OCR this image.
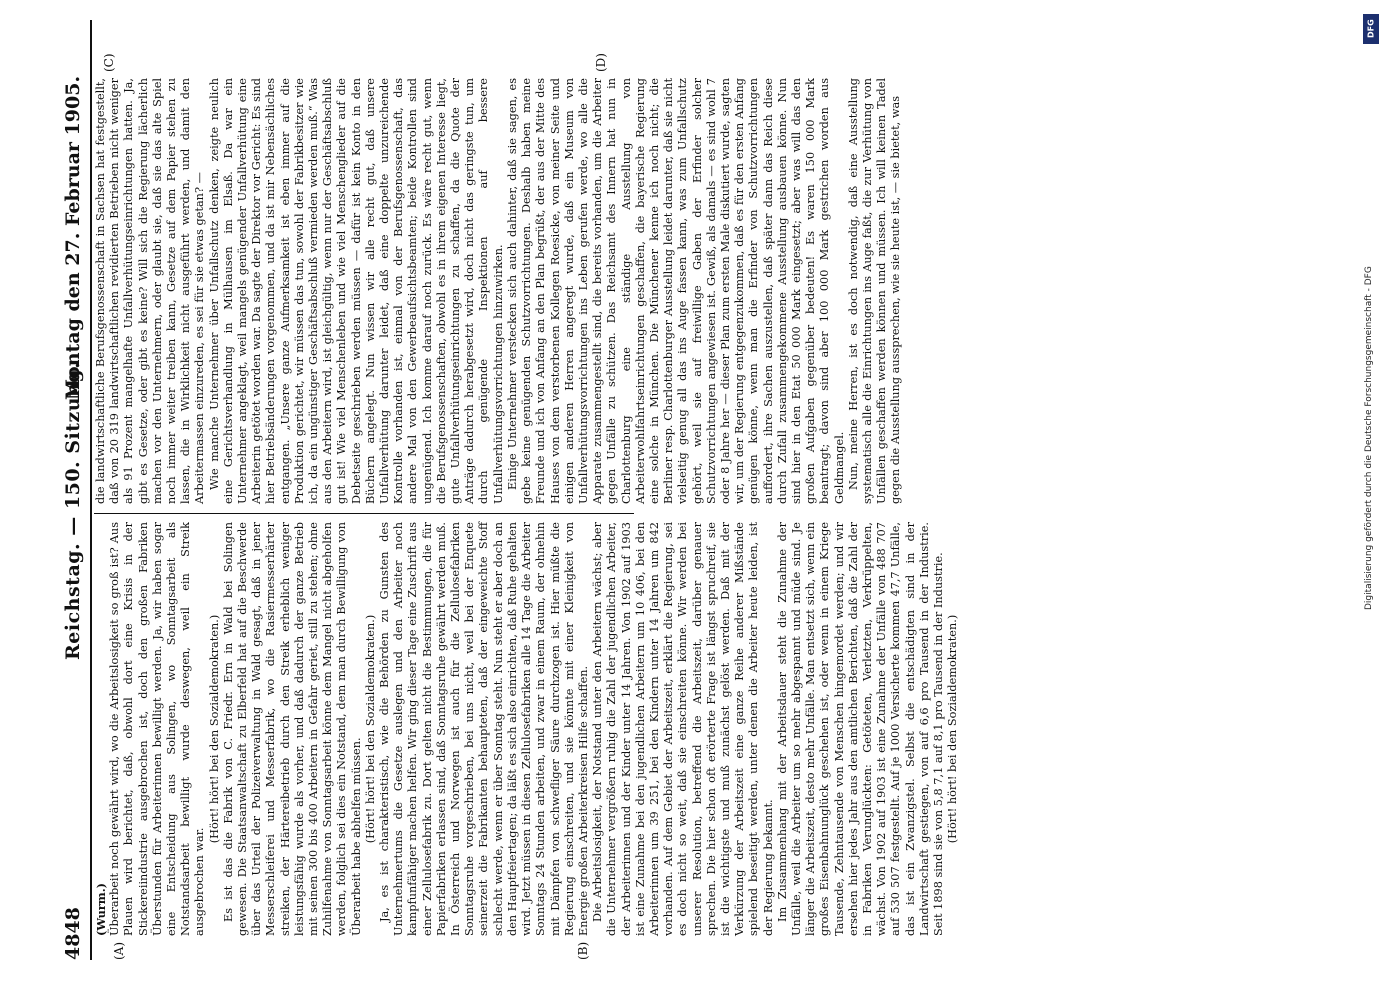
4848
Reichstag. — 150. Sitzung.
Montag den 27. Februar 1905.
(A)	(B)
(C)	(D)

(Wurm.) Überarbeit noch gewährt wird, wo die Arbeitslosigkeit so groß ist? Aus Plauen wird berichtet, daß, obwohl dort eine Krisis in der Stickereiindustrie ausgebrochen ist, doch den großen Fabriken Überstunden für Arbeiterinnen bewilligt werden. Ja, wir haben sogar eine Entscheidung aus Solingen, wo Sonntagsarbeit als Notstandsarbeit bewilligt wurde deswegen, weil ein Streik ausgebrochen war.

(Hört! hört! bei den Sozialdemokraten.) Es ist das die Fabrik von C. Friedr. Ern in Wald bei Solingen gewesen. Die Staatsanwaltschaft zu Elberfeld hat auf die Beschwerde über das Urteil der Polizeiverwaltung in Wald gesagt, daß in jener Messerschleiferei und Messerfabrik, wo die Rasiermesserhärter streiken, der Härtereibetrieb durch den Streik erheblich weniger leistungsfähig wurde als vorher, und daß dadurch der ganze Betrieb mit seinen 300 bis 400 Arbeitern in Gefahr geriet, still zu stehen; ohne Zuhilfenahme von Sonntagsarbeit könne dem Mangel nicht abgeholfen werden, folglich sei dies ein Notstand, dem man durch Bewilligung von Überarbeit habe abhelfen müssen. (Hört! hört! bei den Sozialdemokraten.) Ja, es ist charakteristisch, wie die Behörden zu Gunsten des Unternehmertums die Gesetze auslegen und den Arbeiter noch kampfunfähiger machen helfen. Wir ging dieser Tage eine Zuschrift aus einer Zellulosefabrik zu. Dort gelten nicht die Bestimmungen, die für Papierfabriken erlassen sind, daß Sonntagsruhe gewährt werden muß. In Österreich und Norwegen ist auch für die Zellulosefabriken Sonntagsruhe vorgeschrieben, bei uns nicht, weil bei der Enquete seinerzeit die Fabrikanten behaupteten, daß der eingeweichte Stoff schlecht werde, wenn er über Sonntag steht. Nun steht er aber doch an den Hauptfeiertagen; da läßt es sich also einrichten, daß Ruhe gehalten wird. Jetzt müssen in diesen Zellulosefabriken alle 14 Tage die Arbeiter Sonntags 24 Stunden arbeiten, und zwar in einem Raum, der ohnehin mit Dämpfen von schwefliger Säure durchzogen ist. Hier müßte die Regierung einschreiten, und sie könnte mit einer Kleinigkeit von Energie großen Arbeiterkreisen Hilfe schaffen. Die Arbeitslosigkeit, der Notstand unter den Arbeitern wächst; aber die Unternehmer vergrößern ruhig die Zahl der jugendlichen Arbeiter, der Arbeiterinnen und der Kinder unter 14 Jahren. Von 1902 auf 1903 ist eine Zunahme bei den jugendlichen Arbeitern um 10 406, bei den Arbeiterinnen um 39 251, bei den Kindern unter 14 Jahren um 842 vorhanden. Auf dem Gebiet der Arbeitszeit, erklärt die Regierung, sei es doch nicht so weit, daß sie einschreiten könne. Wir werden bei unserer Resolution, betreffend die Arbeitszeit, darüber genauer sprechen. Die hier schon oft erörterte Frage ist längst spruchreif, sie ist die wichtigste und muß zunächst gelöst werden. Daß mit der Verkürzung der Arbeitszeit eine ganze Reihe anderer Mißstände spielend beseitigt werden, unter denen die Arbeiter heute leiden, ist der Regierung bekannt. Im Zusammenhang mit der Arbeitsdauer steht die Zunahme der Unfälle, weil die Arbeiter um so mehr abgespannt und müde sind. Je länger die Arbeitszeit, desto mehr Unfälle. Man entsetzt sich, wenn ein großes Eisenbahnunglück geschehen ist, oder wenn in einem Kriege Tausende, Zehntausende von Menschen hingemordet werden; und wir ersehen hier jedes Jahr aus den amtlichen Berichten, daß die Zahl der in Fabriken Verunglückten: Getöteten, Verletzten, Verkrüppelten, wächst. Von 1902 auf 1903 ist eine Zunahme der Unfälle von 488 707 auf 530 507 festgestellt. Auf je 1000 Versicherte kommen 47,7 Unfälle, das ist ein Zwanzigstel. Selbst die entschädigten sind in der Landwirtschaft gestiegen, von auf 6,6 pro Tausend in der Industrie. Seit 1898 sind sie von 5,8 7,1 auf 8,1 pro Tausend in der Industrie. (Hört! hört! bei den Sozialdemokraten.)

die landwirtschaftliche Berufsgenossenschaft in Sachsen hat festgestellt, daß von 20 319 landwirtschaftlichen revidierten Betrieben nicht weniger als 91 Prozent mangelhafte Unfallverhütungseinrichtungen hatten. Ja, gibt es Gesetze, oder gibt es keine? Will sich die Regierung lächerlich machen vor den Unternehmern, oder glaubt sie, daß sie das alte Spiel noch immer weiter treiben kann, Gesetze auf dem Papier stehen zu lassen, die in Wirklichkeit nicht ausgeführt werden, und damit den Arbeitermassen einzureden, es sei für sie etwas getan? — Wie manche Unternehmer über Unfallschutz denken, zeigte neulich eine Gerichtsverhandlung in Mülhausen im Elsaß. Da war ein Unternehmer angeklagt, weil mangels genügender Unfallverhütung eine Arbeiterin getötet worden war. Da sagte der Direktor vor Gericht: Es sind hier Betriebsänderungen vorgenommen, und da ist mir Nebensächliches entgangen. „Unsere ganze Aufmerksamkeit ist eben immer auf die Produktion gerichtet, wir müssen das tun, sowohl der Fabrikbesitzer wie ich, da ein ungünstiger Geschäftsabschluß vermieden werden muß.“ Was aus den Arbeitern wird, ist gleichgültig, wenn nur der Geschäftsabschluß gut ist! Wie viel Menschenleben und wie viel Menschenglieder auf die Debetseite geschrieben werden müssen — dafür ist kein Konto in den Büchern angelegt. Nun wissen wir alle recht gut, daß unsere Unfallverhütung darunter leidet, daß eine doppelte unzureichende Kontrolle vorhanden ist, einmal von der Berufsgenossenschaft, das andere Mal von den Gewerbeaufsichtsbeamten; beide Kontrollen sind ungenügend. Ich komme darauf noch zurück. Es wäre recht gut, wenn die Berufsgenossenschaften, obwohl es in ihrem eigenen Interesse liegt, gute Unfallverhütungseinrichtungen zu schaffen, da die Quote der Anträge dadurch herabgesetzt wird, doch nicht das geringste tun, um durch genügende Inspektionen auf bessere Unfallverhütungsvorrichtungen hinzuwirken. Einige Unternehmer verstecken sich auch dahinter, daß sie sagen, es gebe keine genügenden Schutzvorrichtungen. Deshalb haben meine Freunde und ich von Anfang an den Plan begrüßt, der aus der Mitte des Hauses von dem verstorbenen Kollegen Roesicke, von meiner Seite und einigen anderen Herren angeregt wurde, daß ein Museum von Unfallverhütungsvorrichtungen ins Leben gerufen werde, wo alle die Apparate zusammengestellt sind, die bereits vorhanden, um die Arbeiter gegen Unfälle zu schützen. Das Reichsamt des Innern hat nun in Charlottenburg eine ständige Ausstellung von Arbeiterwohlfahrtseinrichtungen geschaffen, die bayerische Regierung eine solche in München. Die Münchener kenne ich noch nicht; die Berliner resp. Charlottenburger Ausstellung leidet darunter, daß sie nicht vielseitig genug all das ins Auge fassen kann, was zum Unfallschutz gehört, weil sie auf freiwillige Gaben der Erfinder solcher Schutzvorrichtungen angewiesen ist. Gewiß, als damals — es sind wohl 7 oder 8 Jahre her — dieser Plan zum ersten Male diskutiert wurde, sagten wir, um der Regierung entgegenzukommen, daß es für den ersten Anfang genügen könne, wenn man die Erfinder von Schutzvorrichtungen auffordert, ihre Sachen auszustellen, daß später dann das Reich diese durch Zufall zusammengekommene Ausstellung ausbauen könne. Nun sind hier in den Etat 50 000 Mark eingesetzt; aber was will das den großen Aufgaben gegenüber bedeuten! Es waren 150 000 Mark beantragt; davon sind aber 100 000 Mark gestrichen worden aus Geldmangel. Nun, meine Herren, ist es doch notwendig, daß eine Ausstellung systematisch alle die Einrichtungen ins Auge faßt, die zur Verhütung von Unfällen geschaffen werden können und müssen. Ich will keinen Tadel gegen die Ausstellung aussprechen, wie sie heute ist, — sie bietet, was

DFG
Digitalisierung gefördert durch die Deutsche Forschungsgemeinschaft - DFG
